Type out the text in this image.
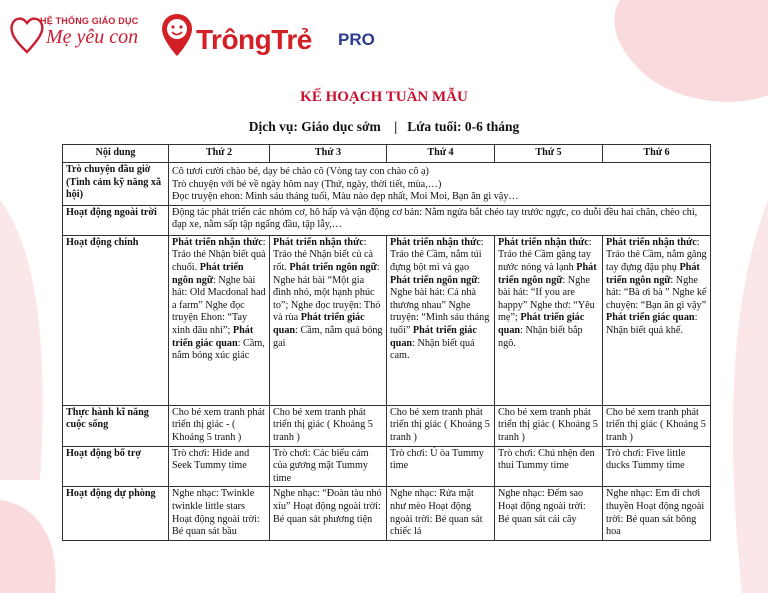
HỆ THỐNG GIÁO DỤC
Mẹ yêu con TrôngTrẻ PRO
KẾ HOẠCH TUẦN MẪU
Dịch vụ: Giáo dục sớm    |   Lứa tuổi: 0-6 tháng
Nội dung	Thứ 2	Thứ 3	Thứ 4	Thứ 5	Thứ 6
Trò chuyện đầu giờ (Tình cảm kỹ năng xã hội)	Cô tươi cười chào bé, dạy bé chào cô (Vòng tay con chào cô ạ)
Trò chuyện với bé về ngày hôm nay (Thứ, ngày, thời tiết, mùa,…)
Đọc truyện ehon: Mình sáu tháng tuổi, Màu nào đẹp nhất, Moi Moi, Bạn ăn gì vậy…				

Hoạt động ngoài trời	Động tác phát triển các nhóm cơ, hô hấp và vận động cơ bản: Nằm ngửa bắt chéo tay trước ngực, co duỗi đều hai chân, chèo chi, đạp xe, nằm sấp tập ngẩng đầu, tập lẫy,…				
Hoạt động chính	Phát triển nhận thức: Tráo thẻ Nhận biết quả chuối. Phát triển ngôn ngữ: Nghe bài hát: Old Macdonal had a farm” Nghe đọc truyện Ehon: “Tay xinh đâu nhỉ”; Phát triển giác quan: Cầm, nắm bóng xúc giác	Phát triển nhận thức: Tráo thẻ Nhận biết củ cà rốt. Phát triển ngôn ngữ: Nghe hát bài “Một gia đình nhỏ, một hạnh phúc to”; Nghe đọc truyện: Thỏ và rùa Phát triển giác quan: Cầm, nắm quả bóng gai	Phát triển nhận thức: Tráo thẻ Cầm, nắm túi đựng bột mì và gạo Phát triển ngôn ngữ: Nghe bài hát: Cả nhà thương nhau” Nghe truyện: “Mình sáu tháng tuổi” Phát triển giác quan: Nhận biết quả cam.	Phát triển nhận thức: Tráo thẻ Cầm găng tay nước nóng và lạnh Phát triển ngôn ngữ: Nghe bài hát: “If you are happy” Nghe thơ: “Yêu mẹ”; Phát triển giác quan: Nhận biết bắp ngô.	Phát triển nhận thức: Tráo thẻ Cầm, nắm găng tay đựng đậu phụ Phát triển ngôn ngữ: Nghe hát: “Bà ơi bà ” Nghe kể chuyện: “Bạn ăn gì vậy” Phát triển giác quan: Nhận biết quả khế.
Thực hành kĩ năng cuộc sống	Cho bé xem tranh phát triển thị giác - ( Khoảng 5 tranh )	Cho bé xem tranh phát triển thị giác ( Khoảng 5 tranh )	Cho bé xem tranh phát triển thị giác ( Khoảng 5 tranh )	Cho bé xem tranh phát triển thị giác ( Khoảng 5 tranh )	Cho bé xem tranh phát triển thị giác ( Khoảng 5 tranh )
Hoạt động bổ trợ	Trò chơi: Hide and Seek Tummy time	Trò chơi: Các biểu cảm của gương mặt Tummy time	Trò chơi: Ú òa Tummy time	Trò chơi: Chú nhện đen thui Tummy time	Trò chơi: Five little ducks Tummy time
Hoạt động dự phòng	Nghe nhạc: Twinkle twinkle little stars Hoạt động ngoài trời: Bé quan sát bầu	Nghe nhạc: “Đoàn tàu nhỏ xíu” Hoạt động ngoài trời: Bé quan sát phương tiện	Nghe nhạc: Rửa mặt như mèo Hoạt động ngoài trời: Bé quan sát chiếc lá	Nghe nhạc: Đếm sao Hoạt động ngoài trời: Bé quan sát cái cây	Nghe nhạc: Em đi chơi thuyền Hoạt động ngoài trời: Bé quan sát bông hoa
